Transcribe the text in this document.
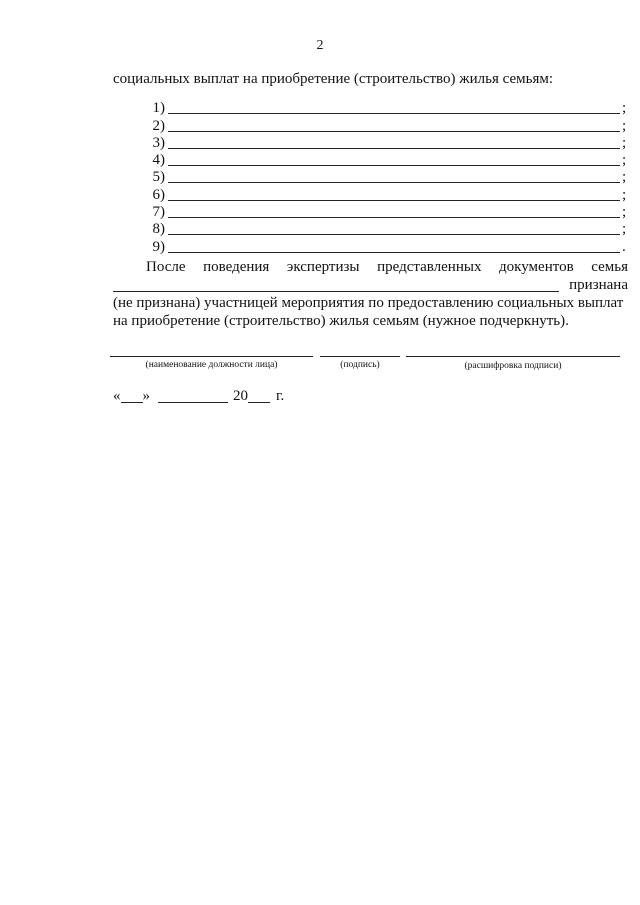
2
социальных выплат на приобретение (строительство) жилья семьям:
1)	;
2)	;
3)	;
4)	;
5)	;
6)	;
7)	;
8)	;
9)	.
После поведения экспертизы представленных документов семья
признана
(не признана) участницей мероприятия по предоставлению социальных выплат на приобретение (строительство) жилья семьям (нужное подчеркнуть).
(наименование должности лица)	(подпись)	(расшифровка подписи)
« »	20 г.
